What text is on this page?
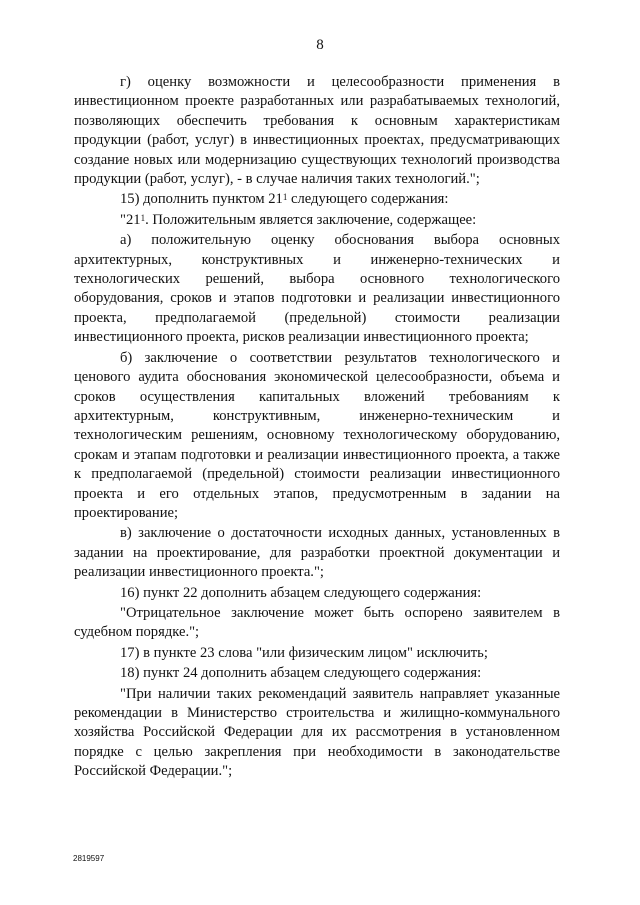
8

г) оценку возможности и целесообразности применения в инвестиционном проекте разработанных или разрабатываемых технологий, позволяющих обеспечить требования к основным характеристикам продукции (работ, услуг) в инвестиционных проектах, предусматривающих создание новых или модернизацию существующих технологий производства продукции (работ, услуг), - в случае наличия таких технологий.";

15) дополнить пунктом $21^1$ следующего содержания:

"$21^1$. Положительным является заключение, содержащее:

а) положительную оценку обоснования выбора основных архитектурных, конструктивных и инженерно-технических и технологических решений, выбора основного технологического оборудования, сроков и этапов подготовки и реализации инвестиционного проекта, предполагаемой (предельной) стоимости реализации инвестиционного проекта, рисков реализации инвестиционного проекта;

б) заключение о соответствии результатов технологического и ценового аудита обоснования экономической целесообразности, объема и сроков осуществления капитальных вложений требованиям к архитектурным, конструктивным, инженерно-техническим и технологическим решениям, основному технологическому оборудованию, срокам и этапам подготовки и реализации инвестиционного проекта, а также к предполагаемой (предельной) стоимости реализации инвестиционного проекта и его отдельных этапов, предусмотренным в задании на проектирование;

в) заключение о достаточности исходных данных, установленных в задании на проектирование, для разработки проектной документации и реализации инвестиционного проекта.";

16) пункт 22 дополнить абзацем следующего содержания:

"Отрицательное заключение может быть оспорено заявителем в судебном порядке.";

17) в пункте 23 слова "или физическим лицом" исключить;

18) пункт 24 дополнить абзацем следующего содержания:

"При наличии таких рекомендаций заявитель направляет указанные рекомендации в Министерство строительства и жилищно-коммунального хозяйства Российской Федерации для их рассмотрения в установленном порядке с целью закрепления при необходимости в законодательстве Российской Федерации.";

2819597
